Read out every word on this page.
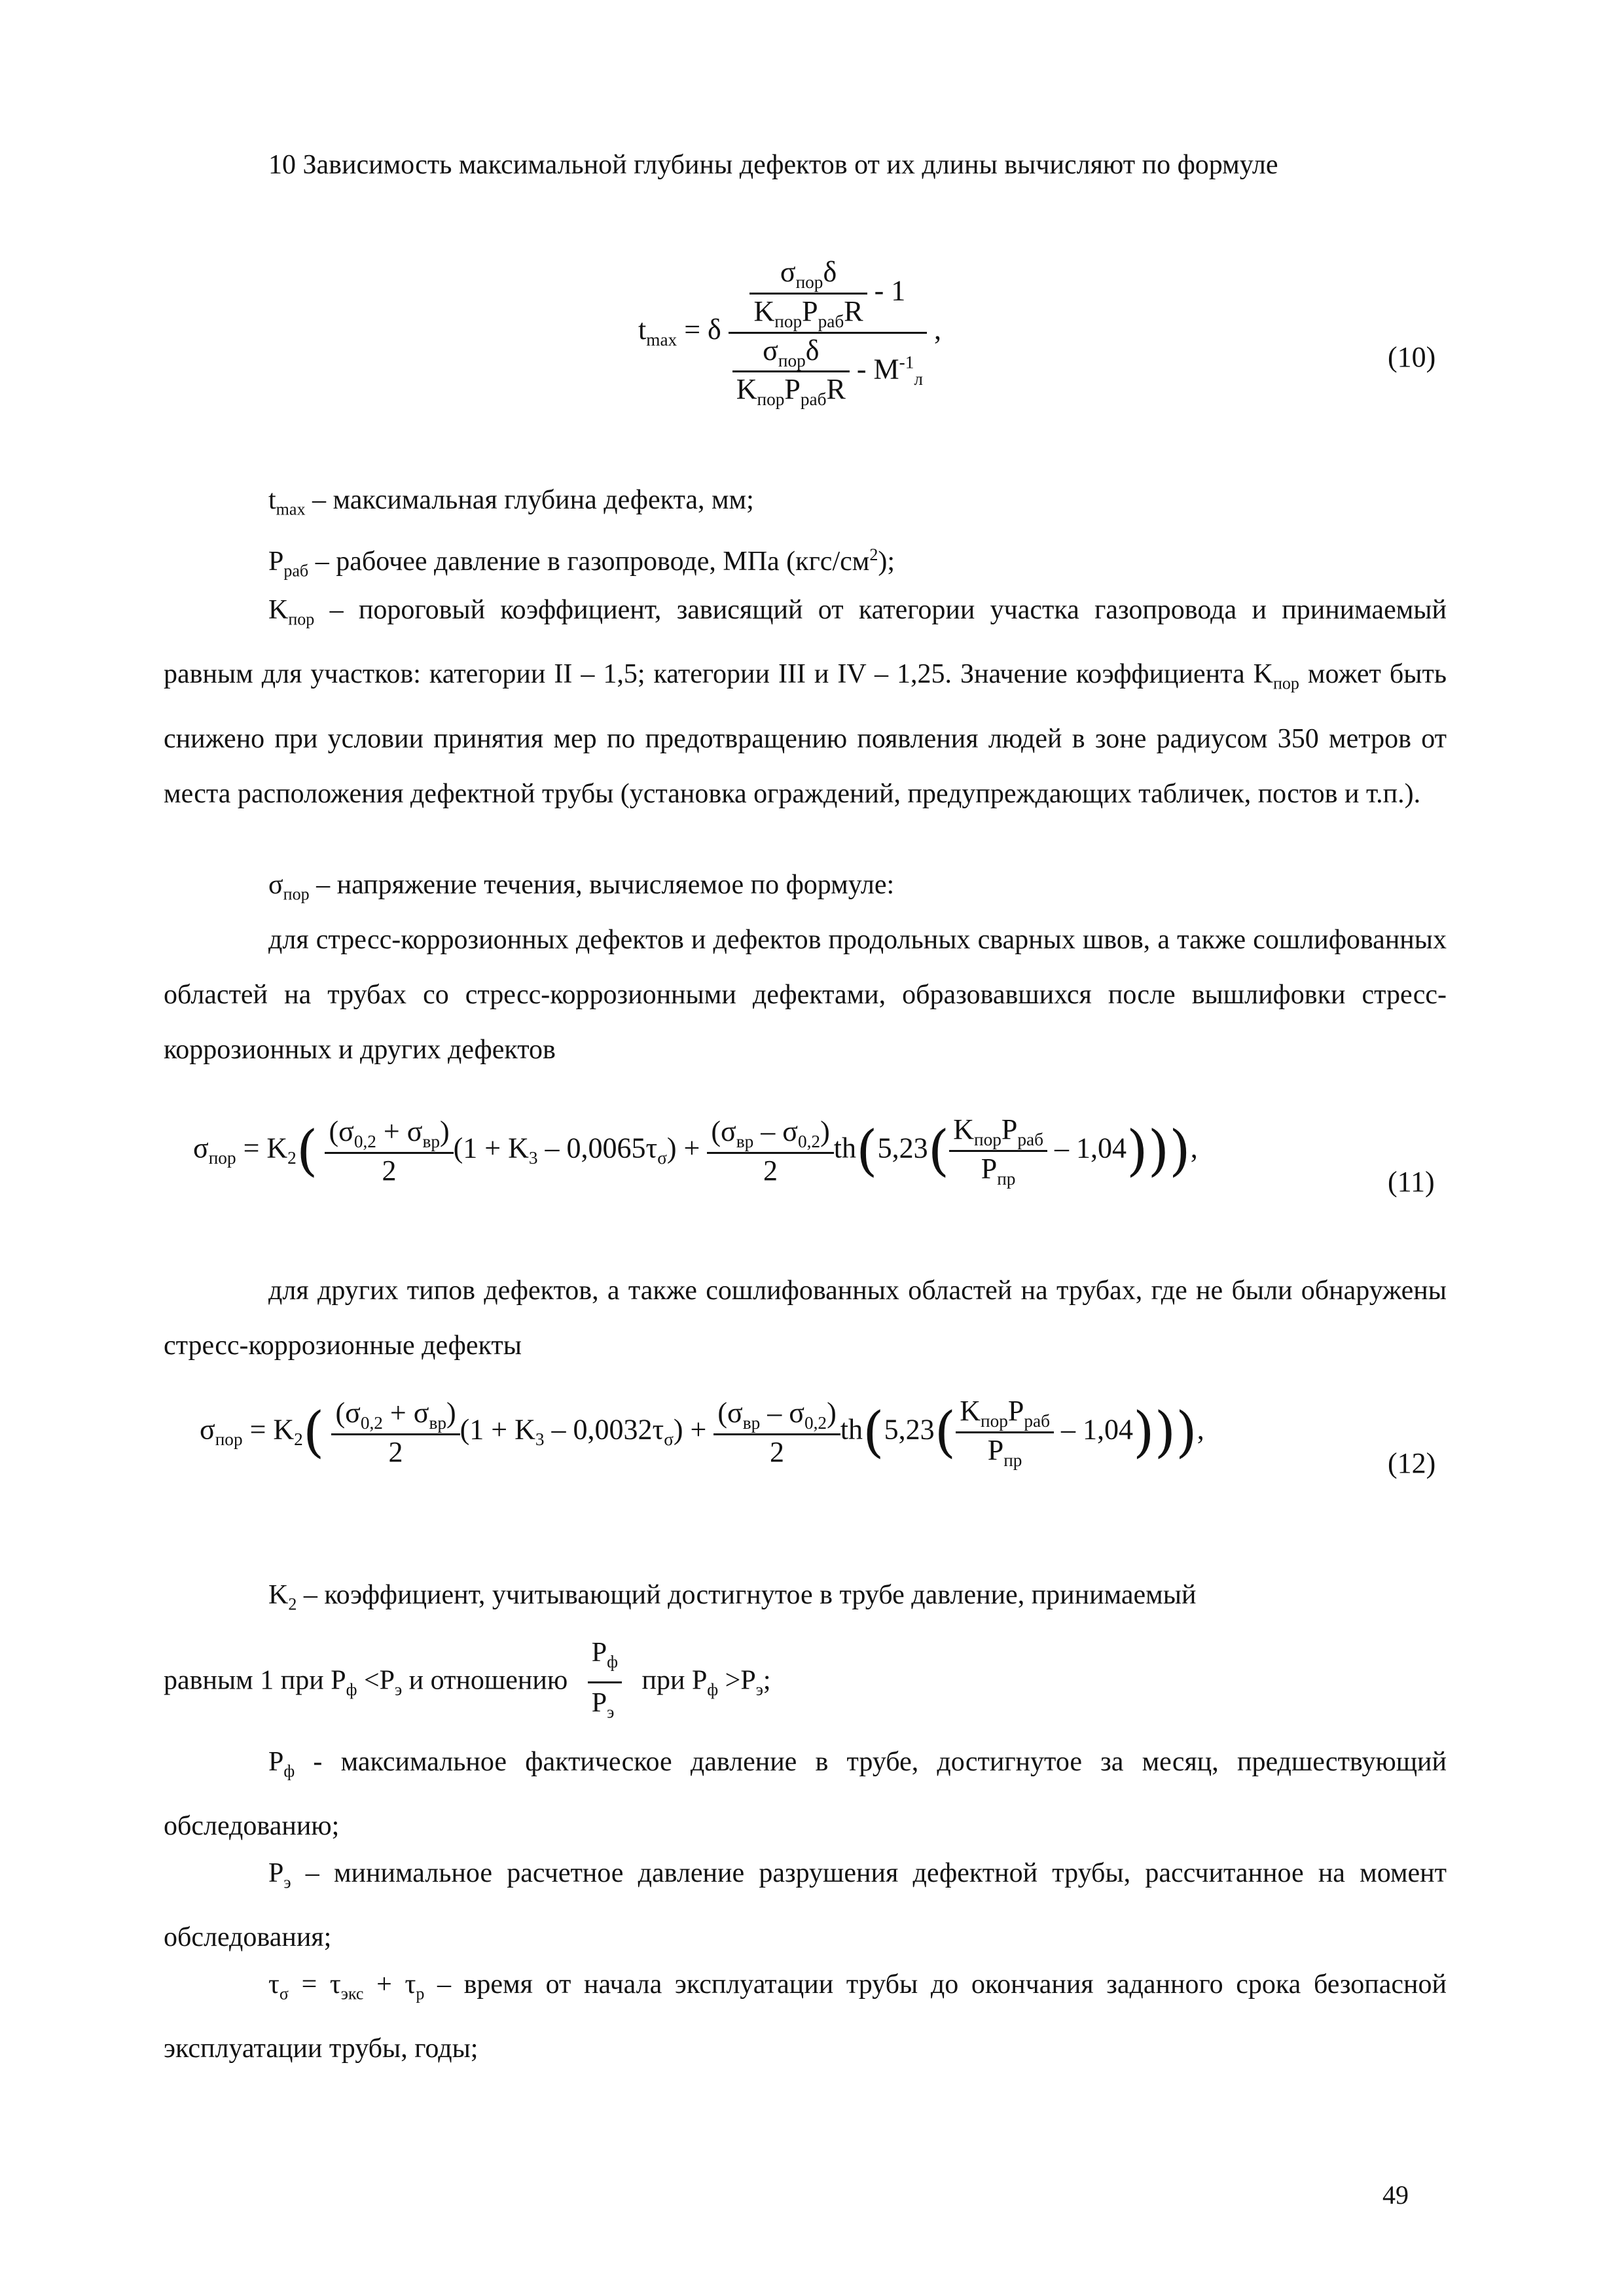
10 Зависимость максимальной глубины дефектов от их длины вычисляют по формуле
$t_{max} = \delta \frac{\frac{\sigma_{пор}\delta}{K_{пор}P_{раб}R} - 1}{\frac{\sigma_{пор}\delta}{K_{пор}P_{раб}R} - M^{-1}_л}$ ,
(10)
$t_{max}$ – максимальная глубина дефекта, мм;
$P_{раб}$ – рабочее давление в газопроводе, МПа $(кгс/см^2)$;
$K_{пор}$ – пороговый коэффициент, зависящий от категории участка газопровода и принимаемый равным для участков: категории II – 1,5; категории III и IV – 1,25. Значение коэффициента $K_{пор}$ может быть снижено при условии принятия мер по предотвращению появления людей в зоне радиусом 350 метров от места расположения дефектной трубы (установка ограждений, предупреждающих табличек, постов и т.п.).
$\sigma_{пор}$ – напряжение течения, вычисляемое по формуле:
для стресс-коррозионных дефектов и дефектов продольных сварных швов, а также сошлифованных областей на трубах со стресс-коррозионными дефектами, образовавшихся после вышлифовки стресс-коррозионных и других дефектов
$\sigma_{пор} = K_2( \frac{(\sigma_{0,2} + \sigma_{вр})}{2} (1 + K_3 - 0,0065\tau_\sigma) + \frac{(\sigma_{вр} - \sigma_{0,2})}{2} th(5,23( \frac{K_{пор}P_{раб}}{P_{пр}} - 1,04)))$,
(11)
для других типов дефектов, а также сошлифованных областей на трубах, где не были обнаружены стресс-коррозионные дефекты
$\sigma_{пор} = K_2( \frac{(\sigma_{0,2} + \sigma_{вр})}{2} (1 + K_3 - 0,0032\tau_\sigma) + \frac{(\sigma_{вр} - \sigma_{0,2})}{2} th(5,23( \frac{K_{пор}P_{раб}}{P_{пр}} - 1,04)))$,
(12)
$K_2$ – коэффициент, учитывающий достигнутое в трубе давление, принимаемый
равным 1 при $P_ф <P_э$ и отношению $\frac{P_ф}{P_э}$ при $P_ф >P_э$;
$P_ф$ - максимальное фактическое давление в трубе, достигнутое за месяц, предшествующий обследованию;
$P_э$ – минимальное расчетное давление разрушения дефектной трубы, рассчитанное на момент обследования;
$\tau_\sigma = \tau_{экс} + \tau_р$ – время от начала эксплуатации трубы до окончания заданного срока безопасной эксплуатации трубы, годы;
49
